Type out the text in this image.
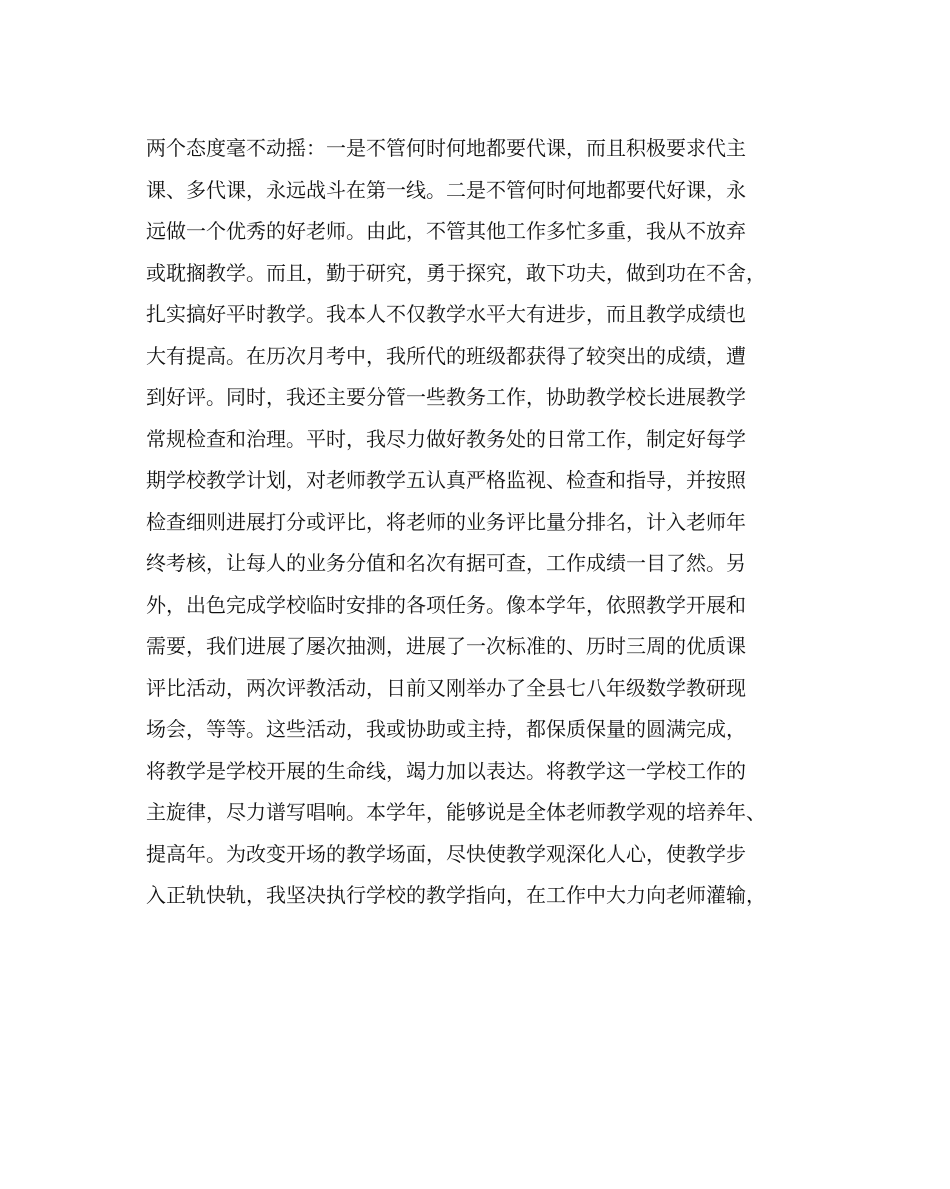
两个态度毫不动摇：一是不管何时何地都要代课，而且积极要求代主
课、多代课，永远战斗在第一线。二是不管何时何地都要代好课，永
远做一个优秀的好老师。由此，不管其他工作多忙多重，我从不放弃
或耽搁教学。而且，勤于研究，勇于探究，敢下功夫，做到功在不舍，
扎实搞好平时教学。我本人不仅教学水平大有进步，而且教学成绩也
大有提高。在历次月考中，我所代的班级都获得了较突出的成绩，遭
到好评。同时，我还主要分管一些教务工作，协助教学校长进展教学
常规检查和治理。平时，我尽力做好教务处的日常工作，制定好每学
期学校教学计划，对老师教学五认真严格监视、检查和指导，并按照
检查细则进展打分或评比，将老师的业务评比量分排名，计入老师年
终考核，让每人的业务分值和名次有据可查，工作成绩一目了然。另
外，出色完成学校临时安排的各项任务。像本学年，依照教学开展和
需要，我们进展了屡次抽测，进展了一次标准的、历时三周的优质课
评比活动，两次评教活动，日前又刚举办了全县七八年级数学教研现
场会，等等。这些活动，我或协助或主持，都保质保量的圆满完成，
将教学是学校开展的生命线，竭力加以表达。将教学这一学校工作的
主旋律，尽力谱写唱响。本学年，能够说是全体老师教学观的培养年、
提高年。为改变开场的教学场面，尽快使教学观深化人心，使教学步
入正轨快轨，我坚决执行学校的教学指向，在工作中大力向老师灌输，
